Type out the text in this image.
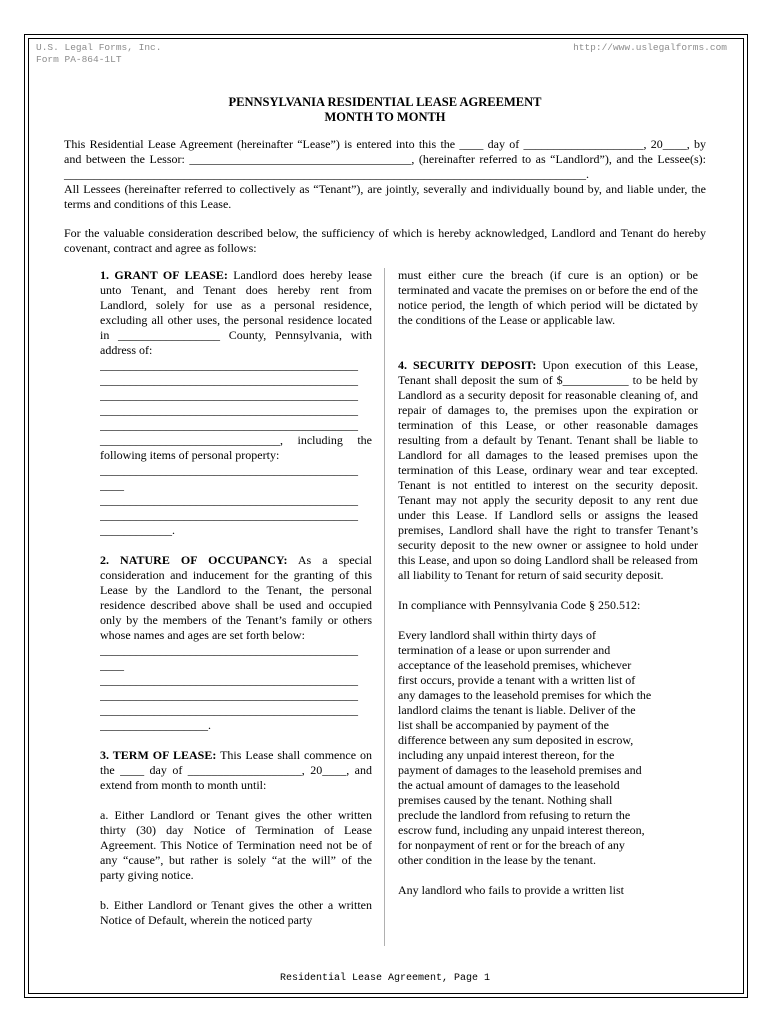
U.S. Legal Forms, Inc.
Form PA-864-1LT
http://www.uslegalforms.com
PENNSYLVANIA RESIDENTIAL LEASE AGREEMENT
MONTH TO MONTH

This Residential Lease Agreement (hereinafter “Lease”) is entered into this the ____ day of ____________________, 20____, by and between the Lessor: _____________________________________, (hereinafter referred to as “Landlord”), and the Lessee(s): _______________________________________________________________________________________.

All Lessees (hereinafter referred to collectively as “Tenant”), are jointly, severally and individually bound by, and liable under, the terms and conditions of this Lease.

For the valuable consideration described below, the sufficiency of which is hereby acknowledged, Landlord and Tenant do hereby covenant, contract and agree as follows:

1. GRANT OF LEASE: Landlord does hereby lease unto Tenant, and Tenant does hereby rent from Landlord, solely for use as a personal residence, excluding all other uses, the personal residence located in _________________ County, Pennsylvania, with address of:

___________________________________________
___________________________________________
___________________________________________
___________________________________________
___________________________________________

______________________________, including the following items of personal property:

___________________________________________
____
___________________________________________
___________________________________________
____________.

2. NATURE OF OCCUPANCY: As a special consideration and inducement for the granting of this Lease by the Landlord to the Tenant, the personal residence described above shall be used and occupied only by the members of the Tenant’s family or others whose names and ages are set forth below:

___________________________________________
____
___________________________________________
___________________________________________
___________________________________________
__________________.

3. TERM OF LEASE: This Lease shall commence on the ____ day of ___________________, 20____, and extend from month to month until:

a. Either Landlord or Tenant gives the other written thirty (30) day Notice of Termination of Lease Agreement. This Notice of Termination need not be of any “cause”, but rather is solely “at the will” of the party giving notice.

b. Either Landlord or Tenant gives the other a written Notice of Default, wherein the noticed party

must either cure the breach (if cure is an option) or be terminated and vacate the premises on or before the end of the notice period, the length of which period will be dictated by the conditions of the Lease or applicable law.

4. SECURITY DEPOSIT: Upon execution of this Lease, Tenant shall deposit the sum of $___________ to be held by Landlord as a security deposit for reasonable cleaning of, and repair of damages to, the premises upon the expiration or termination of this Lease, or other reasonable damages resulting from a default by Tenant. Tenant shall be liable to Landlord for all damages to the leased premises upon the termination of this Lease, ordinary wear and tear excepted. Tenant is not entitled to interest on the security deposit. Tenant may not apply the security deposit to any rent due under this Lease. If Landlord sells or assigns the leased premises, Landlord shall have the right to transfer Tenant’s security deposit to the new owner or assignee to hold under this Lease, and upon so doing Landlord shall be released from all liability to Tenant for return of said security deposit.

In compliance with Pennsylvania Code § 250.512:

Every landlord shall within thirty days of
termination of a lease or upon surrender and
acceptance of the leasehold premises, whichever
first occurs, provide a tenant with a written list of
any damages to the leasehold premises for which the
landlord claims the tenant is liable. Deliver of the
list shall be accompanied by payment of the
difference between any sum deposited in escrow,
including any unpaid interest thereon, for the
payment of damages to the leasehold premises and
the actual amount of damages to the leasehold
premises caused by the tenant. Nothing shall
preclude the landlord from refusing to return the
escrow fund, including any unpaid interest thereon,
for nonpayment of rent or for the breach of any
other condition in the lease by the tenant.

Any landlord who fails to provide a written list

Residential Lease Agreement, Page 1
